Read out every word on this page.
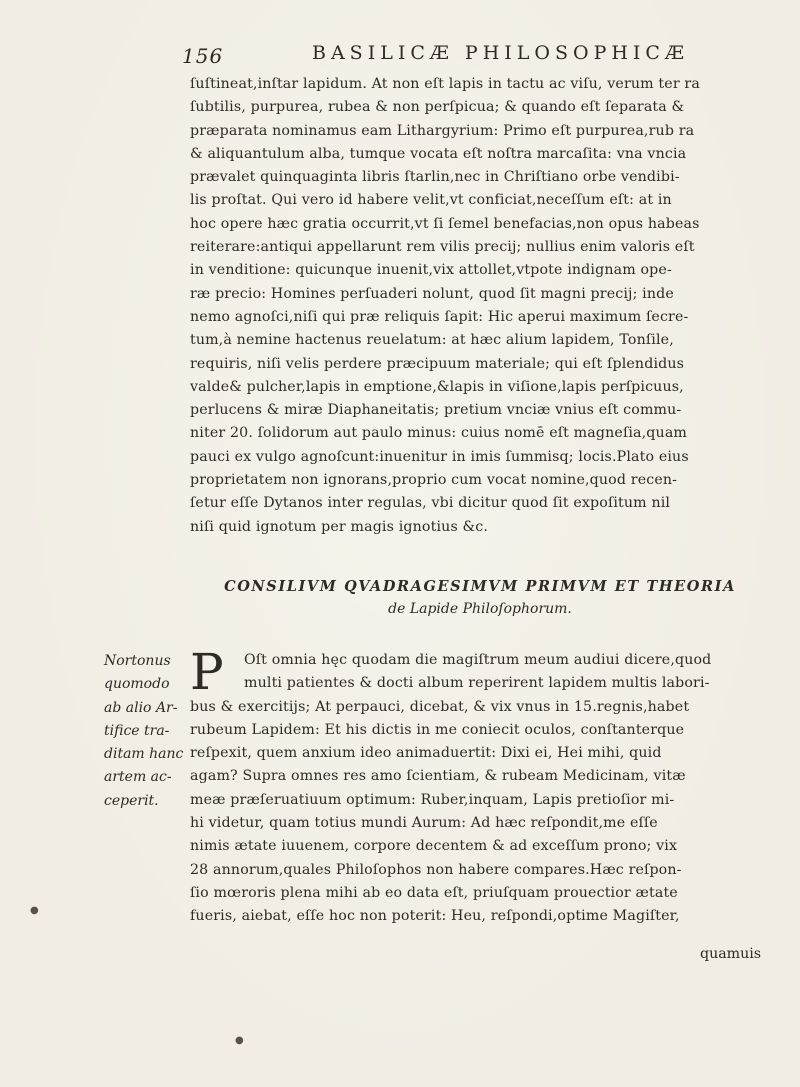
156	BASILICÆ PHILOSOPHICÆ
ſuſtineat,inſtar lapidum. At non eſt lapis in tactu ac viſu, verum ter ra
ſubtilis, purpurea, rubea & non perſpicua; & quando eſt ſeparata &
præparata nominamus eam Lithargyrium: Primo eſt purpurea,rub ra
& aliquantulum alba, tumque vocata eſt noſtra marcaſita: vna vncia
prævalet quinquaginta libris ſtarlin,nec in Chriſtiano orbe vendibi-
lis proſtat. Qui vero id habere velit,vt conficiat,neceſſum eſt: at in
hoc opere hæc gratia occurrit,vt ſi ſemel benefacias,non opus habeas
reiterare:antiqui appellarunt rem vilis precij; nullius enim valoris eſt
in venditione: quicunque inuenit,vix attollet,vtpote indignam ope-
ræ precio: Homines perſuaderi nolunt, quod ſit magni precij; inde
nemo agnoſci,niſi qui præ reliquis ſapit: Hic aperui maximum ſecre-
tum,à nemine hactenus reuelatum: at hæc alium lapidem, Tonſile,
requiris, niſi velis perdere præcipuum materiale; qui eſt ſplendidus
valde& pulcher,lapis in emptione,&lapis in viſione,lapis perſpicuus,
perlucens & miræ Diaphaneitatis; pretium vnciæ vnius eſt commu-
niter 20. ſolidorum aut paulo minus: cuius nomē eſt magneſia,quam
pauci ex vulgo agnoſcunt:inuenitur in imis ſummisq; locis.Plato eius
proprietatem non ignorans,proprio cum vocat nomine,quod recen-
ſetur eſſe Dytanos inter regulas, vbi dicitur quod ſit expoſitum nil
niſi quid ignotum per magis ignotius &c.
CONSILIVM QVADRAGESIMVM PRIMVM ET THEORIA
de Lapide Philoſophorum.
Nortonus
quomodo
ab alio Ar-
tifice tra-
ditam hanc
artem ac-
ceperit.
P Oſt omnia hęc quodam die magiſtrum meum audiui dicere,quod
multi patientes & docti album reperirent lapidem multis labori-
bus & exercitijs; At perpauci, dicebat, & vix vnus in 15.regnis,habet
rubeum Lapidem: Et his dictis in me coniecit oculos, conſtanterque
reſpexit, quem anxium ideo animaduertit: Dixi ei, Hei mihi, quid
agam? Supra omnes res amo ſcientiam, & rubeam Medicinam, vitæ
meæ præſeruatiuum optimum: Ruber,inquam, Lapis pretioſior mi-
hi videtur, quam totius mundi Aurum: Ad hæc reſpondit,me eſſe
nimis ætate iuuenem, corpore decentem & ad exceſſum prono; vix
28 annorum,quales Philoſophos non habere compares.Hæc reſpon-
ſio mœroris plena mihi ab eo data eſt, priuſquam prouectior ætate
fueris, aiebat, eſſe hoc non poterit: Heu, reſpondi,optime Magiſter,
quamuis
●
●
